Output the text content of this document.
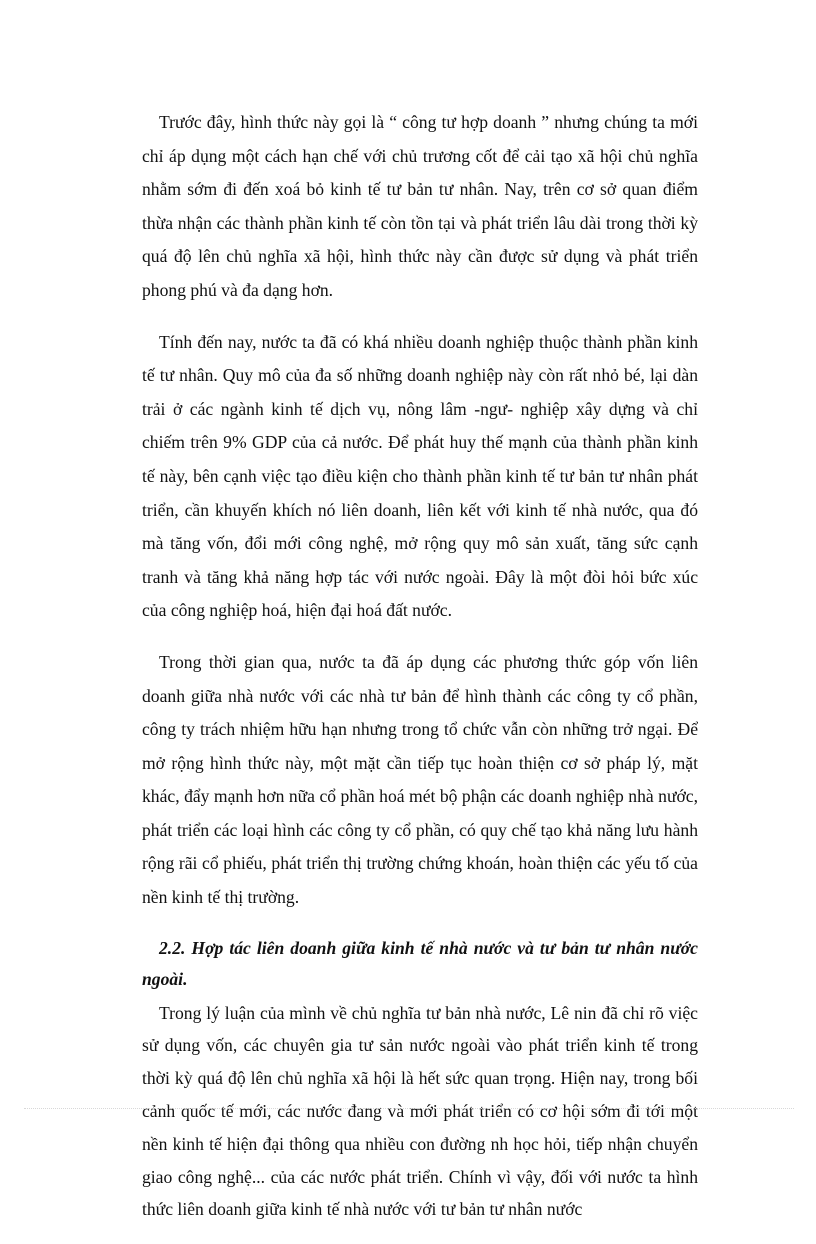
Trước đây, hình thức này gọi là “ công tư hợp doanh ” nhưng chúng ta mới chỉ áp dụng một cách hạn chế với chủ trương cốt để cải tạo xã hội chủ nghĩa nhằm sớm đi đến xoá bỏ kinh tế tư bản tư nhân. Nay, trên cơ sở quan điểm thừa nhận các thành phần kinh tế còn tồn tại và phát triển lâu dài trong thời kỳ quá độ lên chủ nghĩa xã hội, hình thức này cần được sử dụng và phát triển phong phú và đa dạng hơn.

Tính đến nay, nước ta đã có khá nhiều doanh nghiệp thuộc thành phần kinh tế tư nhân. Quy mô của đa số những doanh nghiệp này còn rất nhỏ bé, lại dàn trải ở các ngành kinh tế dịch vụ, nông lâm -ngư- nghiệp xây dựng và chỉ chiếm trên 9% GDP của cả nước. Để phát huy thế mạnh của thành phần kinh tế này, bên cạnh việc tạo điều kiện cho thành phần kinh tế tư bản tư nhân phát triển, cần khuyến khích nó liên doanh, liên kết với kinh tế nhà nước, qua đó mà tăng vốn, đổi mới công nghệ, mở rộng quy mô sản xuất, tăng sức cạnh tranh và tăng khả năng hợp tác với nước ngoài. Đây là một đòi hỏi bức xúc của công nghiệp hoá, hiện đại hoá đất nước.

Trong thời gian qua, nước ta đã áp dụng các phương thức góp vốn liên doanh giữa nhà nước với các nhà tư bản để hình thành các công ty cổ phần, công ty trách nhiệm hữu hạn nhưng trong tổ chức vẫn còn những trở ngại. Để mở rộng hình thức này, một mặt cần tiếp tục hoàn thiện cơ sở pháp lý, mặt khác, đẩy mạnh hơn nữa cổ phần hoá mét bộ phận các doanh nghiệp nhà nước, phát triển các loại hình các công ty cổ phần, có quy chế tạo khả năng lưu hành rộng rãi cổ phiếu, phát triển thị trường chứng khoán, hoàn thiện các yếu tố của nền kinh tế thị trường.

2.2. Hợp tác liên doanh giữa kinh tế nhà nước và tư bản tư nhân nước ngoài.

Trong lý luận của mình về chủ nghĩa tư bản nhà nước, Lê nin đã chỉ rõ việc sử dụng vốn, các chuyên gia tư sản nước ngoài vào phát triển kinh tế trong thời kỳ quá độ lên chủ nghĩa xã hội là hết sức quan trọng. Hiện nay, trong bối cảnh quốc tế mới, các nước đang và mới phát triển có cơ hội sớm đi tới một nền kinh tế hiện đại thông qua nhiều con đường nh học hỏi, tiếp nhận chuyển giao công nghệ... của các nước phát triển. Chính vì vậy, đối với nước ta hình thức liên doanh giữa kinh tế nhà nước với tư bản tư nhân nước
